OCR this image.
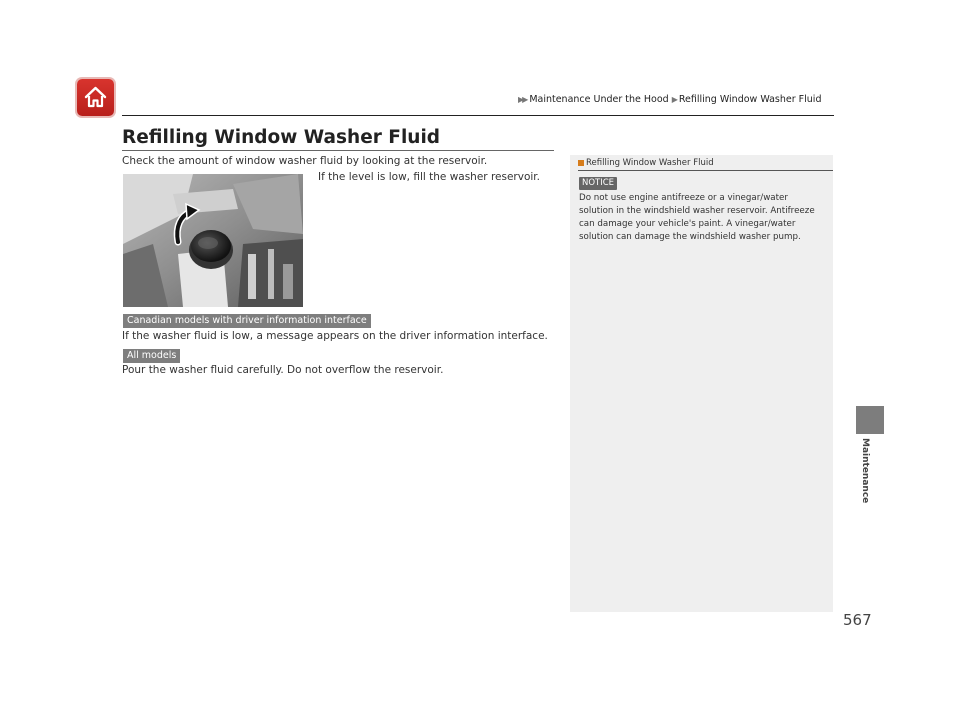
▶▶ Maintenance Under the Hood ▶ Refilling Window Washer Fluid
Refilling Window Washer Fluid
Check the amount of window washer fluid by looking at the reservoir.
If the level is low, fill the washer reservoir.
Canadian models with driver information interface
If the washer fluid is low, a message appears on the driver information interface.
All models
Pour the washer fluid carefully. Do not overflow the reservoir.
Refilling Window Washer Fluid
NOTICE

Do not use engine antifreeze or a vinegar/water solution in the windshield washer reservoir. Antifreeze can damage your vehicle's paint. A vinegar/water solution can damage the windshield washer pump.

Maintenance
567
